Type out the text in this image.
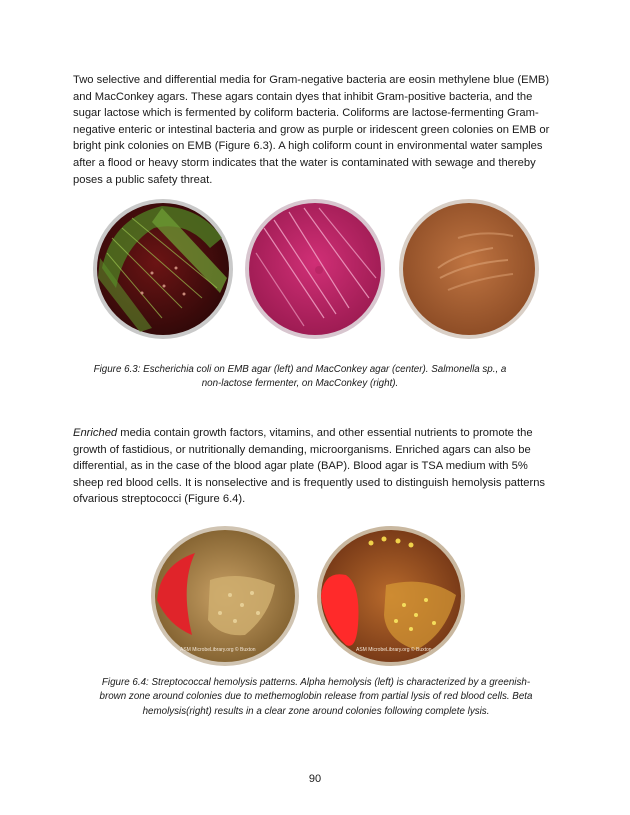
Two selective and differential media for Gram-negative bacteria are eosin methylene blue (EMB) and MacConkey agars. These agars contain dyes that inhibit Gram-positive bacteria, and the sugar lactose which is fermented by coliform bacteria. Coliforms are lactose-fermenting Gram-negative enteric or intestinal bacteria and grow as purple or iridescent green colonies on EMB or bright pink colonies on EMB (Figure 6.3). A high coliform count in environmental water samples after a flood or heavy storm indicates that the water is contaminated with sewage and thereby poses a public safety threat.

Figure 6.3: Escherichia coli on EMB agar (left) and MacConkey agar (center). Salmonella sp., a
non-lactose fermenter, on MacConkey (right).

Enriched media contain growth factors, vitamins, and other essential nutrients to promote the growth of fastidious, or nutritionally demanding, microorganisms. Enriched agars can also be differential, as in the case of the blood agar plate (BAP). Blood agar is TSA medium with 5% sheep red blood cells. It is nonselective and is frequently used to distinguish hemolysis patterns ofvarious streptococci (Figure 6.4).

ASM MicrobeLibrary.org © Buxton	ASM MicrobeLibrary.org © Buxton

Figure 6.4: Streptococcal hemolysis patterns. Alpha hemolysis (left) is characterized by a greenish-
brown zone around colonies due to methemoglobin release from partial lysis of red blood cells. Beta
hemolysis(right) results in a clear zone around colonies following complete lysis.

90
